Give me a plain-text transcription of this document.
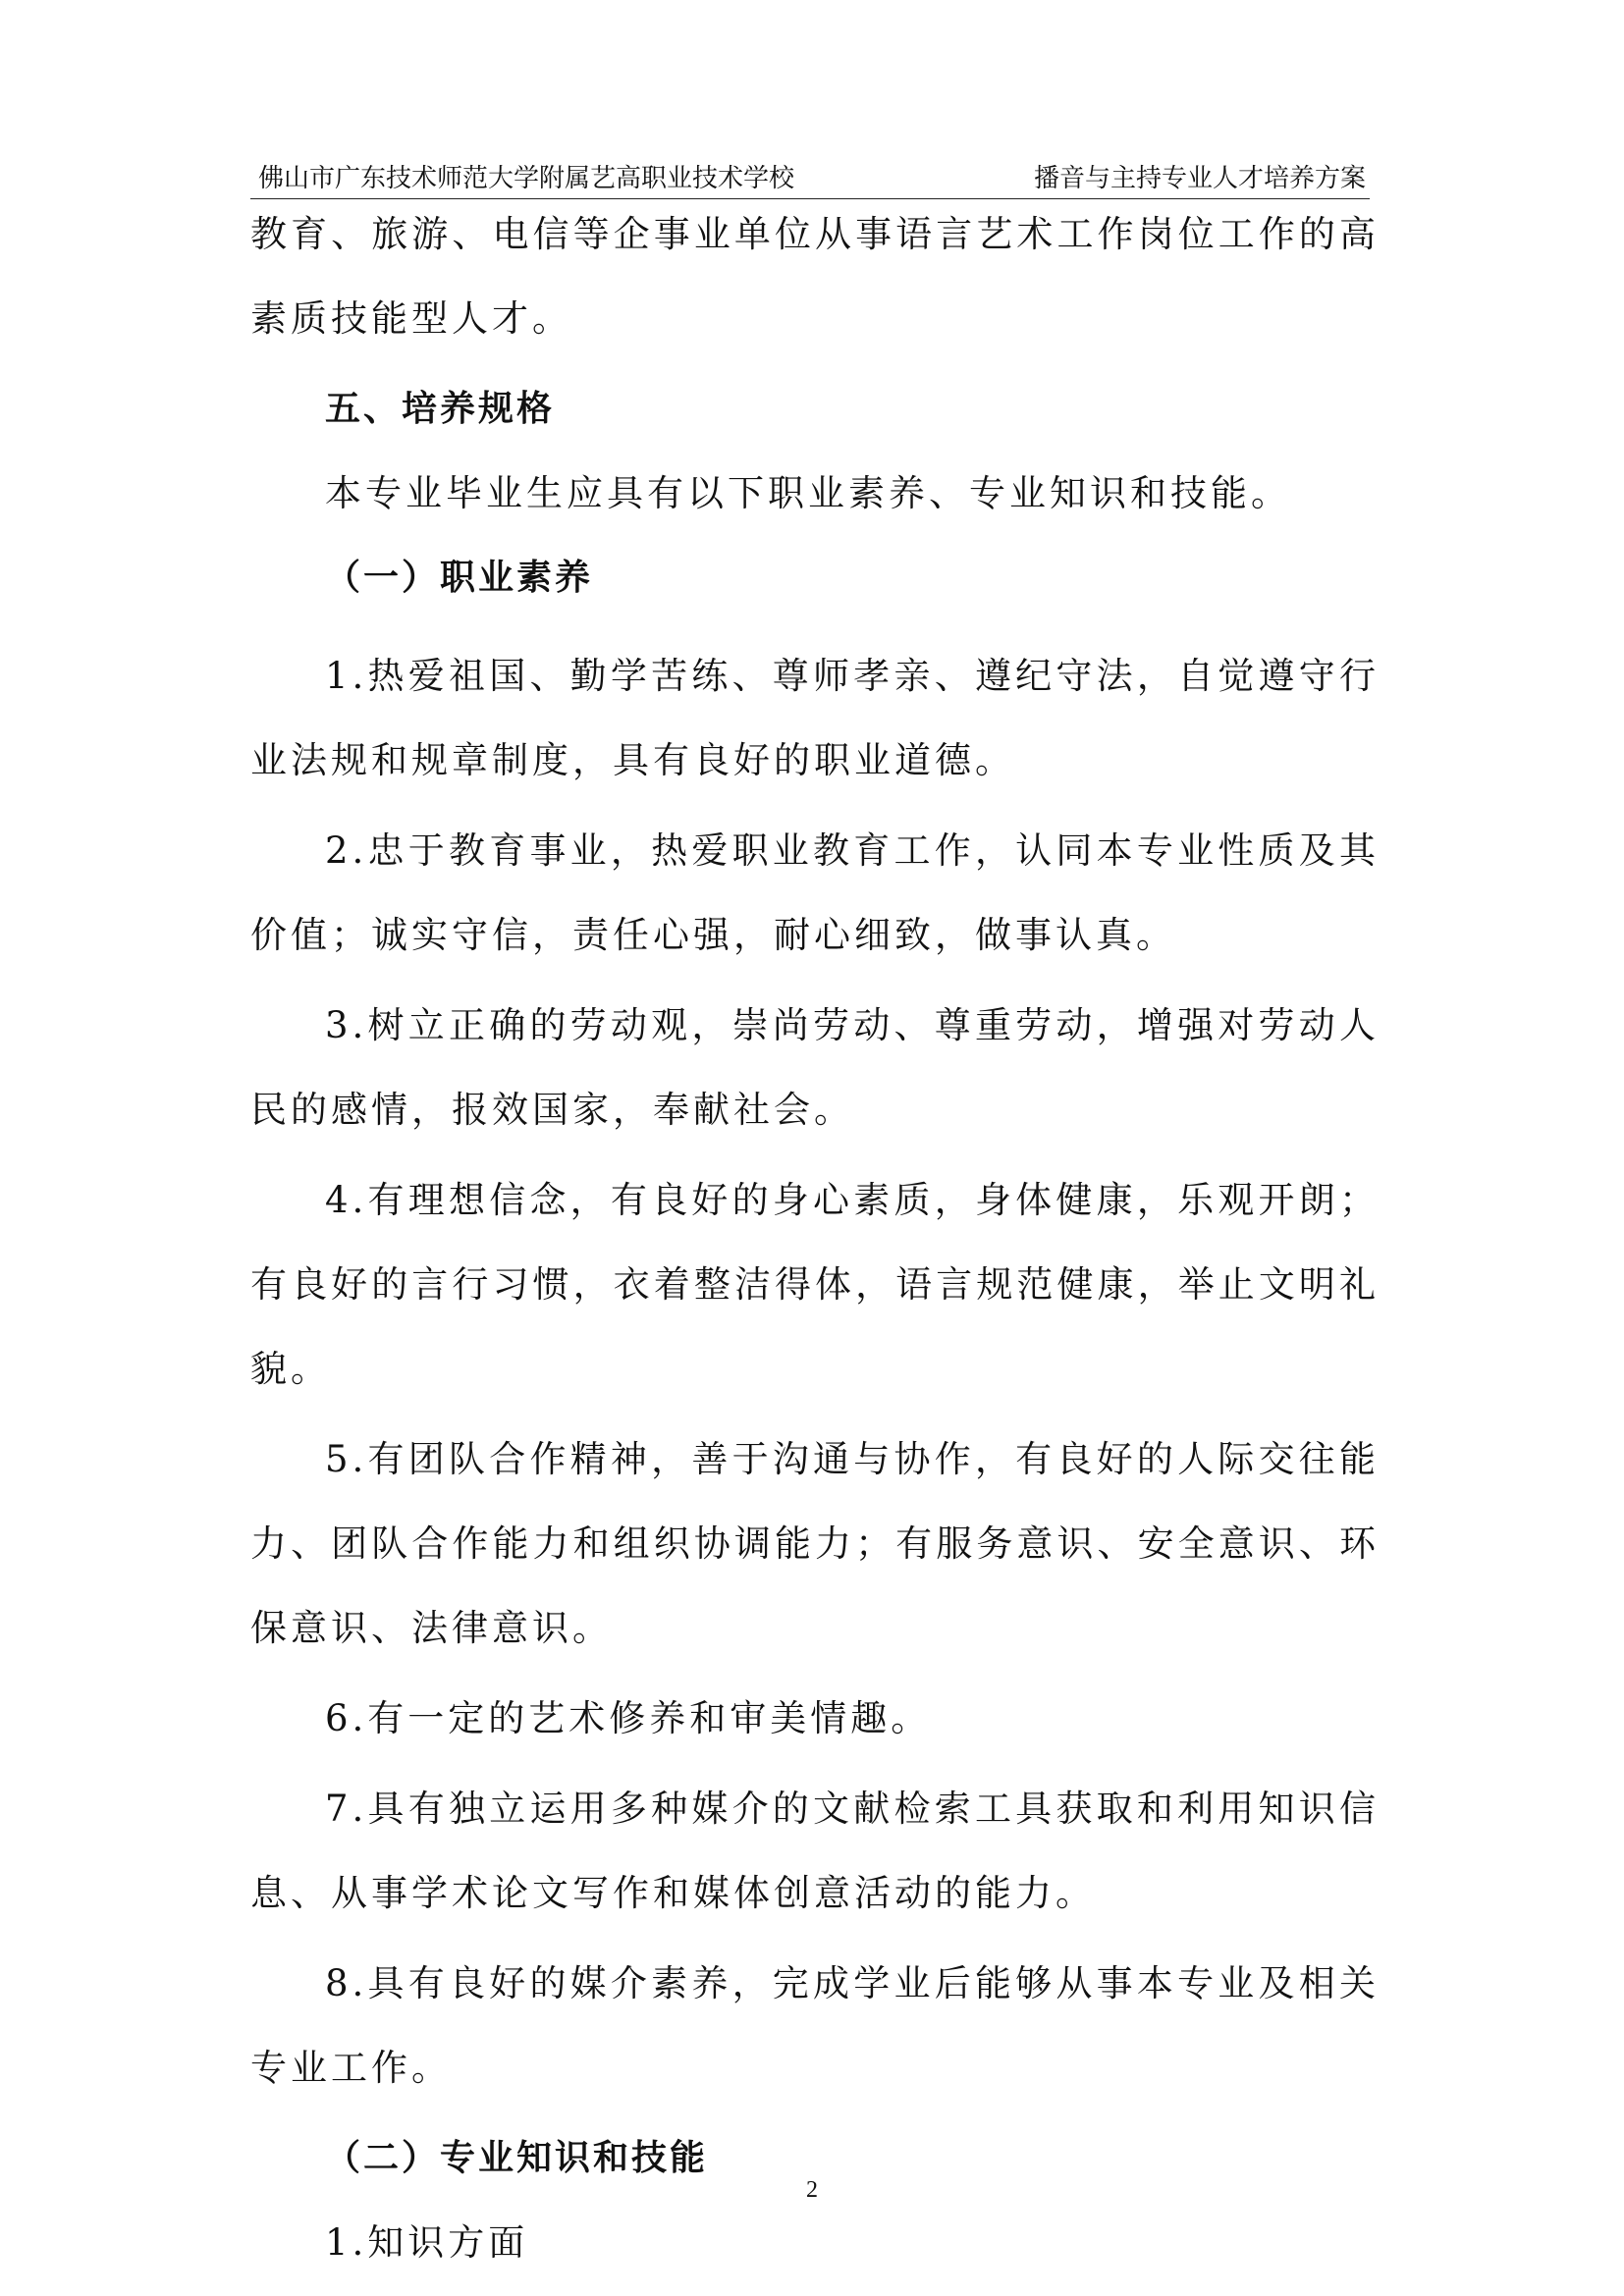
佛山市广东技术师范大学附属艺高职业技术学校	播音与主持专业人才培养方案

教育、旅游、电信等企事业单位从事语言艺术工作岗位工作的高素质技能型人才。

五、培养规格

本专业毕业生应具有以下职业素养、专业知识和技能。

（一）职业素养

1.热爱祖国、勤学苦练、尊师孝亲、遵纪守法，自觉遵守行业法规和规章制度，具有良好的职业道德。

2.忠于教育事业，热爱职业教育工作，认同本专业性质及其价值；诚实守信，责任心强，耐心细致，做事认真。

3.树立正确的劳动观，崇尚劳动、尊重劳动，增强对劳动人民的感情，报效国家，奉献社会。

4.有理想信念，有良好的身心素质，身体健康，乐观开朗；有良好的言行习惯，衣着整洁得体，语言规范健康，举止文明礼貌。

5.有团队合作精神，善于沟通与协作，有良好的人际交往能力、团队合作能力和组织协调能力；有服务意识、安全意识、环保意识、法律意识。

6.有一定的艺术修养和审美情趣。

7.具有独立运用多种媒介的文献检索工具获取和利用知识信息、从事学术论文写作和媒体创意活动的能力。

8.具有良好的媒介素养，完成学业后能够从事本专业及相关专业工作。

（二）专业知识和技能

1.知识方面

2
